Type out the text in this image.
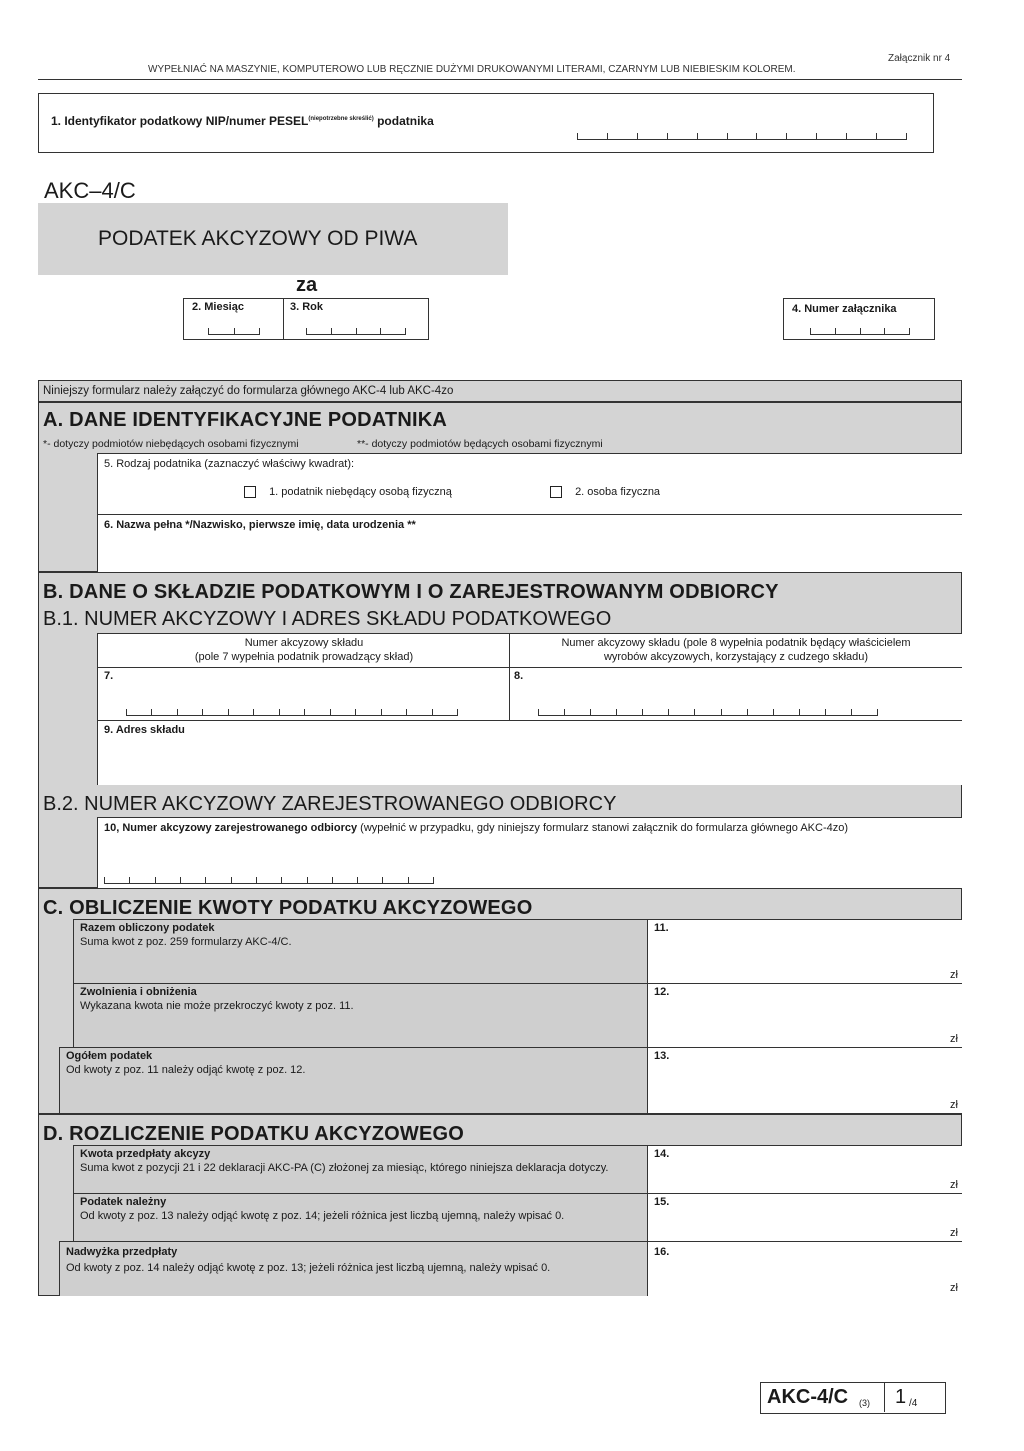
WYPEŁNIAĆ NA MASZYNIE, KOMPUTEROWO LUB RĘCZNIE DUŻYMI DRUKOWANYMI LITERAMI, CZARNYM LUB NIEBIESKIM KOLOREM.
Załącznik nr 4
1. Identyfikator podatkowy NIP/numer $PESEL^{(niepotrzebne skreślić)}$ podatnika
AKC–4/C
PODATEK AKCYZOWY OD PIWA
za
2. Miesiąc	3. Rok	4. Numer załącznika
Niniejszy formularz należy załączyć do formularza głównego AKC-4 lub AKC-4zo
A. DANE IDENTYFIKACYJNE PODATNIKA
*- dotyczy podmiotów niebędących osobami fizycznymi	**- dotyczy podmiotów będących osobami fizycznymi
5. Rodzaj podatnika (zaznaczyć właściwy kwadrat):
1. podatnik niebędący osobą fizyczną	2. osoba fizyczna
6. Nazwa pełna */Nazwisko, pierwsze imię, data urodzenia **
B. DANE O SKŁADZIE PODATKOWYM I O ZAREJESTROWANYM ODBIORCY
B.1. NUMER AKCYZOWY I ADRES SKŁADU PODATKOWEGO
Numer akcyzowy składu
(pole 7 wypełnia podatnik prowadzący skład)
Numer akcyzowy składu (pole 8 wypełnia podatnik będący właścicielem
wyrobów akcyzowych, korzystający z cudzego składu)
7.	8.
9. Adres składu
B.2. NUMER AKCYZOWY ZAREJESTROWANEGO ODBIORCY
10, Numer akcyzowy zarejestrowanego odbiorcy (wypełnić w przypadku, gdy niniejszy formularz stanowi załącznik do formularza głównego AKC-4zo)
C. OBLICZENIE KWOTY PODATKU AKCYZOWEGO
Razem obliczony podatek
Suma kwot z poz. 259 formularzy AKC-4/C.
11.
zł
Zwolnienia i obniżenia
Wykazana kwota nie może przekroczyć kwoty z poz. 11.
12.
zł
Ogółem podatek
Od kwoty z poz. 11 należy odjąć kwotę z poz. 12.
13.
zł
D. ROZLICZENIE PODATKU AKCYZOWEGO
Kwota przedpłaty akcyzy
Suma kwot z pozycji 21 i 22 deklaracji AKC-PA (C) złożonej za miesiąc, którego niniejsza deklaracja dotyczy.
14.
zł
Podatek należny
Od kwoty z poz. 13 należy odjąć kwotę z poz. 14; jeżeli różnica jest liczbą ujemną, należy wpisać 0.
15.
zł
Nadwyżka przedpłaty
Od kwoty z poz. 14 należy odjąć kwotę z poz. 13; jeżeli różnica jest liczbą ujemną, należy wpisać 0.
16.
zł
AKC-4/C (3) 1 /4
